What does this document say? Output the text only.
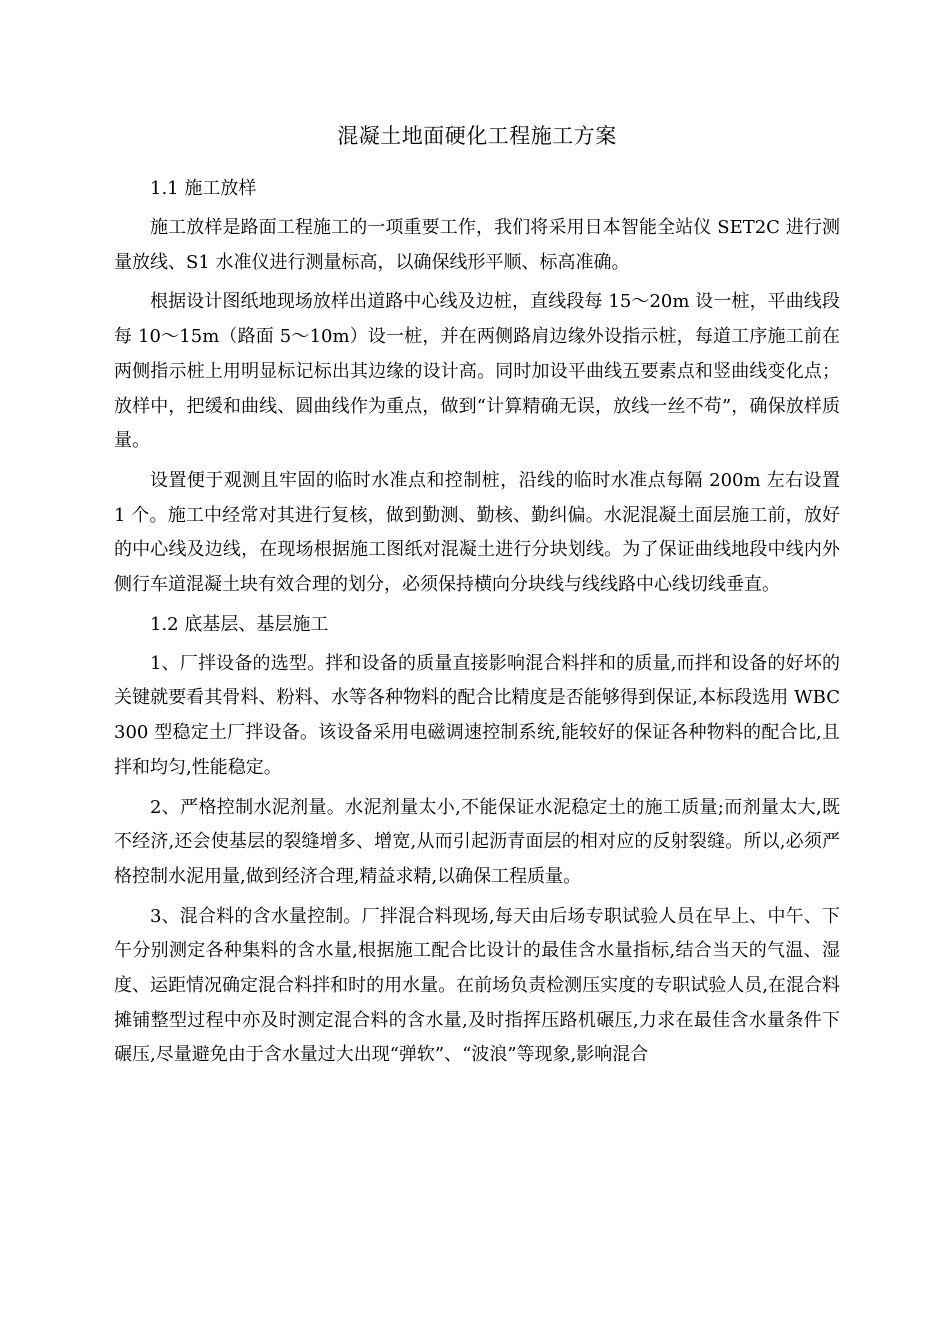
混凝土地面硬化工程施工方案

1.1 施工放样

施工放样是路面工程施工的一项重要工作，我们将采用日本智能全站仪 SET2C 进行测量放线、S1 水准仪进行测量标高，以确保线形平顺、标高准确。

根据设计图纸地现场放样出道路中心线及边桩，直线段每 15～20m 设一桩，平曲线段每 10～15m（路面 5～10m）设一桩，并在两侧路肩边缘外设指示桩，每道工序施工前在两侧指示桩上用明显标记标出其边缘的设计高。同时加设平曲线五要素点和竖曲线变化点；放样中，把缓和曲线、圆曲线作为重点，做到“计算精确无误，放线一丝不苟”，确保放样质量。

设置便于观测且牢固的临时水准点和控制桩，沿线的临时水准点每隔 200m 左右设置 1 个。施工中经常对其进行复核，做到勤测、勤核、勤纠偏。水泥混凝土面层施工前，放好的中心线及边线，在现场根据施工图纸对混凝土进行分块划线。为了保证曲线地段中线内外侧行车道混凝土块有效合理的划分，必须保持横向分块线与线线路中心线切线垂直。

1.2 底基层、基层施工

1、厂拌设备的选型。拌和设备的质量直接影响混合料拌和的质量,而拌和设备的好坏的关键就要看其骨料、粉料、水等各种物料的配合比精度是否能够得到保证,本标段选用 WBC300 型稳定土厂拌设备。该设备采用电磁调速控制系统,能较好的保证各种物料的配合比,且拌和均匀,性能稳定。

2、严格控制水泥剂量。水泥剂量太小,不能保证水泥稳定土的施工质量;而剂量太大,既不经济,还会使基层的裂缝增多、增宽,从而引起沥青面层的相对应的反射裂缝。所以,必须严格控制水泥用量,做到经济合理,精益求精,以确保工程质量。

3、混合料的含水量控制。厂拌混合料现场,每天由后场专职试验人员在早上、中午、下午分别测定各种集料的含水量,根据施工配合比设计的最佳含水量指标,结合当天的气温、湿度、运距情况确定混合料拌和时的用水量。在前场负责检测压实度的专职试验人员,在混合料摊铺整型过程中亦及时测定混合料的含水量,及时指挥压路机碾压,力求在最佳含水量条件下碾压,尽量避免由于含水量过大出现“弹软”、“波浪”等现象,影响混合
